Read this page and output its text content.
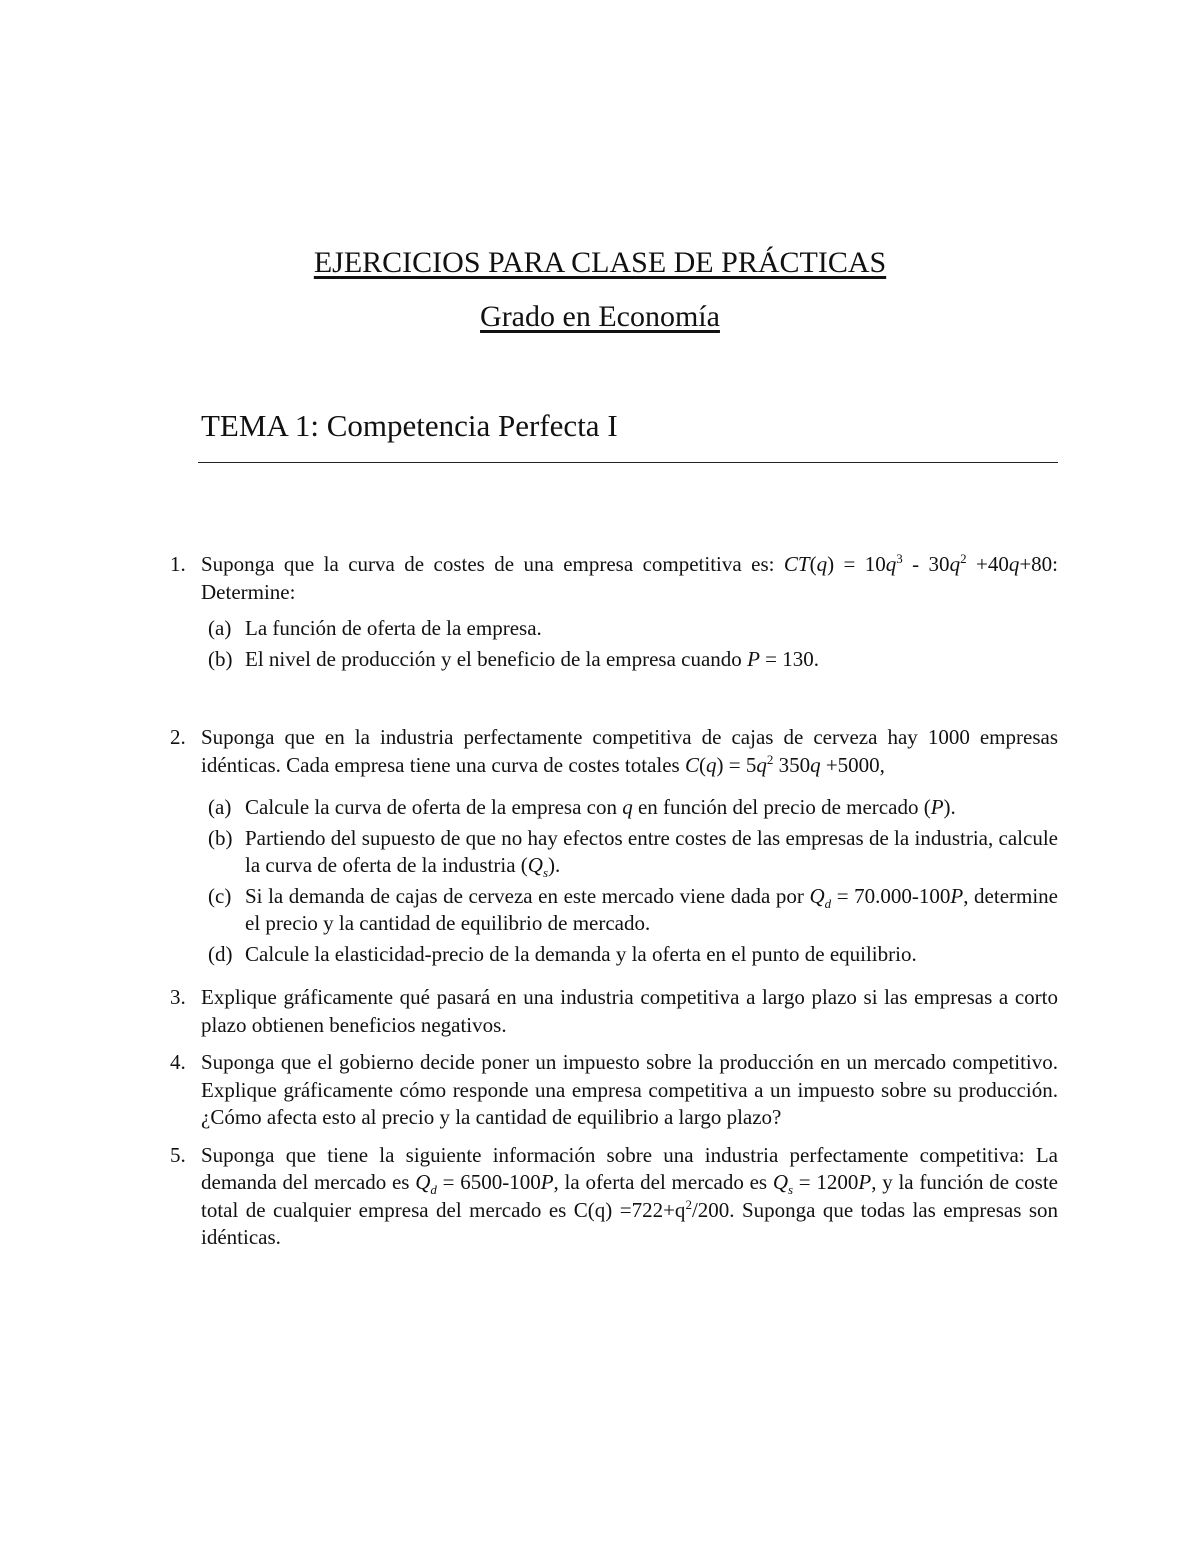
EJERCICIOS PARA CLASE DE PRÁCTICAS
Grado en Economía
TEMA 1: Competencia Perfecta I
1. Suponga que la curva de costes de una empresa competitiva es: $CT(q) = 10q^3 - 30q^2 +40q+80$: Determine:
(a) La función de oferta de la empresa.
(b) El nivel de producción y el beneficio de la empresa cuando P = 130.
2. Suponga que en la industria perfectamente competitiva de cajas de cerveza hay 1000 empresas idénticas. Cada empresa tiene una curva de costes totales $C(q) = 5q^2$ 350q +5000,
(a) Calcule la curva de oferta de la empresa con q en función del precio de mercado (P).
(b) Partiendo del supuesto de que no hay efectos entre costes de las empresas de la industria, calcule la curva de oferta de la industria $(Q_s)$.
(c) Si la demanda de cajas de cerveza en este mercado viene dada por $Q_d = 70.000-100P$, determine el precio y la cantidad de equilibrio de mercado.
(d) Calcule la elasticidad-precio de la demanda y la oferta en el punto de equilibrio.
3. Explique gráficamente qué pasará en una industria competitiva a largo plazo si las empresas a corto plazo obtienen beneficios negativos.
4. Suponga que el gobierno decide poner un impuesto sobre la producción en un mercado competitivo. Explique gráficamente cómo responde una empresa competitiva a un impuesto sobre su producción. ¿Cómo afecta esto al precio y la cantidad de equilibrio a largo plazo?
5. Suponga que tiene la siguiente información sobre una industria perfectamente competitiva: La demanda del mercado es $Q_d = 6500-100P$, la oferta del mercado es $Q_s = 1200P$, y la función de coste total de cualquier empresa del mercado es $C(q) =722+q^2/200$. Suponga que todas las empresas son idénticas.
